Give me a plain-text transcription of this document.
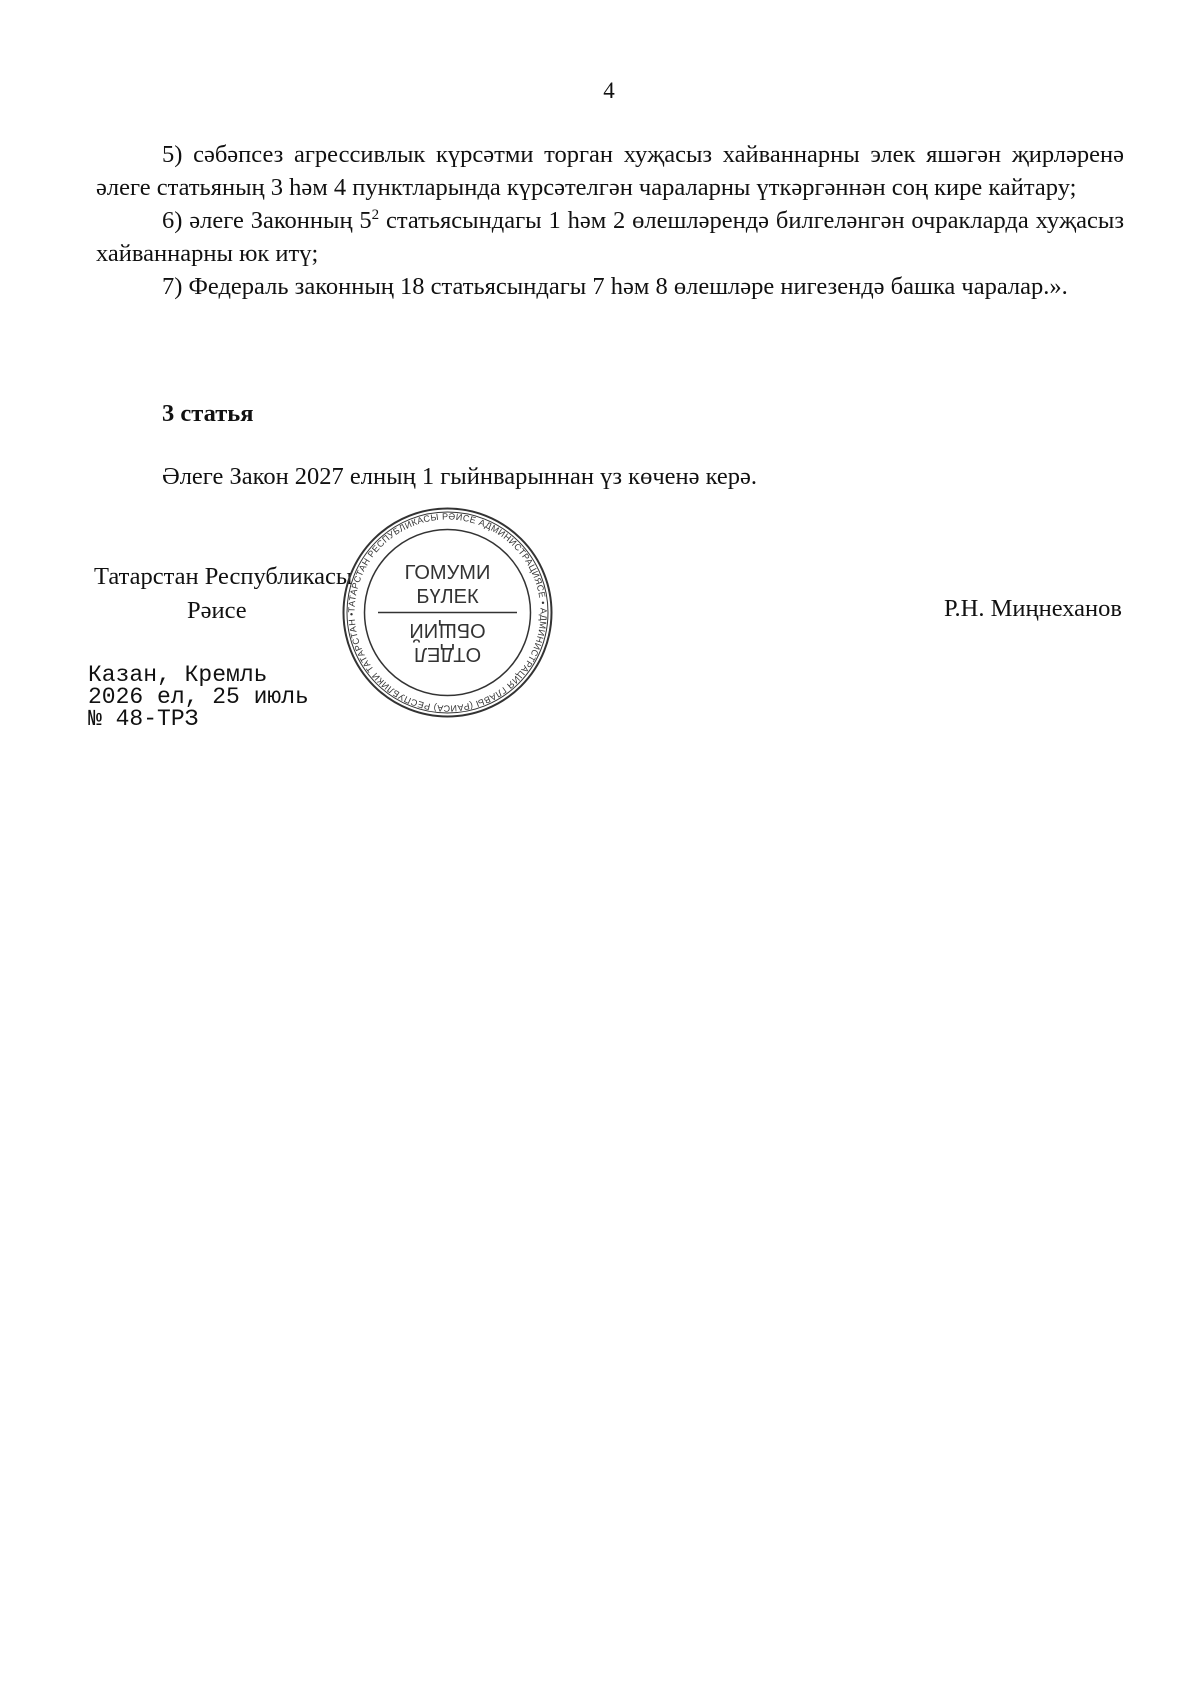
4

5) сәбәпсез агрессивлык күрсәтми торган хуҗасыз хайваннарны элек яшәгән җирләренә әлеге статьяның 3 һәм 4 пунктларында күрсәтелгән чараларны үткәргәннән соң кире кайтару;

6) әлеге Законның $5^2$ статьясындагы 1 һәм 2 өлешләрендә билгеләнгән очракларда хуҗасыз хайваннарны юк итү;

7) Федераль законның 18 статьясындагы 7 һәм 8 өлешләре нигезендә башка чаралар.».

3 статья
Әлеге Закон 2027 елның 1 гыйнварыннан үз көченә керә.
Татарстан Республикасы
Рәисе	Р.Н. Миңнеханов
Казан, Кремль
2026 ел, 25 июль
№ 48-ТРЗ
ТАТАРСТАН РЕСПУБЛИКАСЫ РӘИСЕ АДМИНИСТРАЦИЯСЕ • АДМИНИСТРАЦИЯ ГЛАВЫ (РАИСА) РЕСПУБЛИКИ ТАТАРСТАН •
ГОМУМИ
БҮЛЕК
ОТДЕЛ
ОБЩИЙ
